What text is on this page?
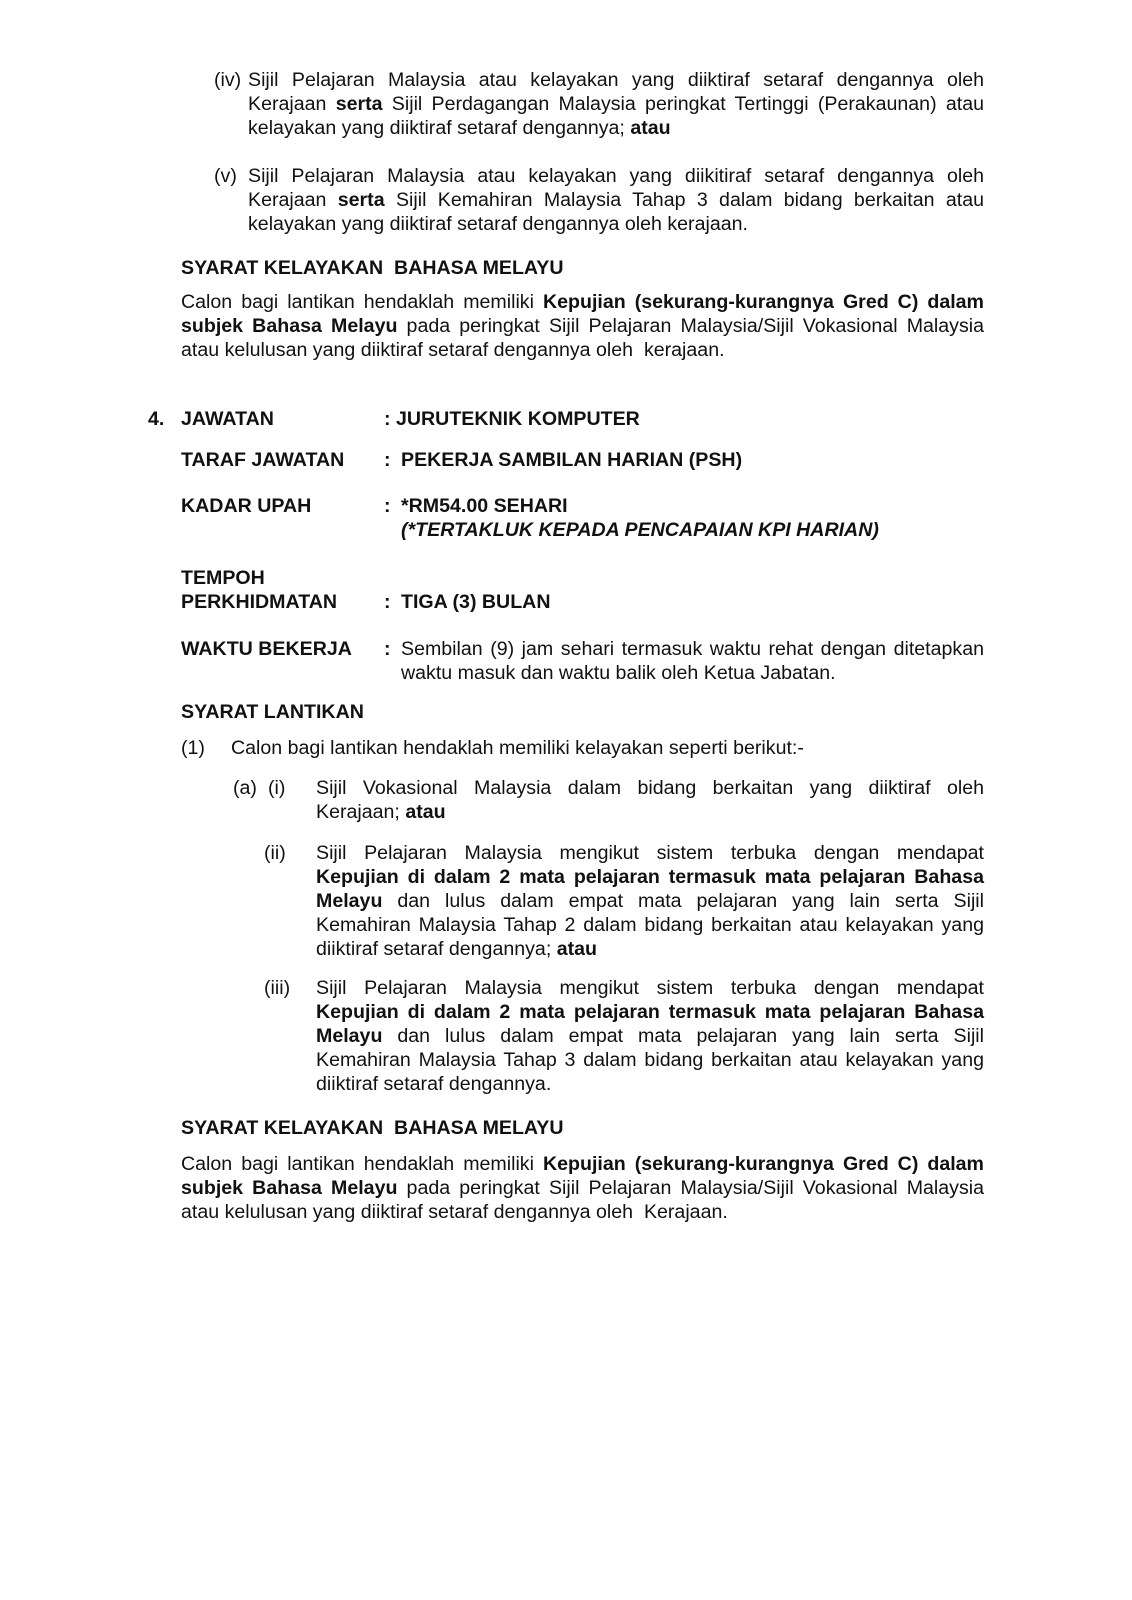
(iv) Sijil Pelajaran Malaysia atau kelayakan yang diiktiraf setaraf dengannya oleh Kerajaan serta Sijil Perdagangan Malaysia peringkat Tertinggi (Perakaunan) atau kelayakan yang diiktiraf setaraf dengannya; atau
(v) Sijil Pelajaran Malaysia atau kelayakan yang diikitiraf setaraf dengannya oleh Kerajaan serta Sijil Kemahiran Malaysia Tahap 3 dalam bidang berkaitan atau kelayakan yang diiktiraf setaraf dengannya oleh kerajaan.
SYARAT KELAYAKAN  BAHASA MELAYU
Calon bagi lantikan hendaklah memiliki Kepujian (sekurang-kurangnya Gred C) dalam subjek Bahasa Melayu pada peringkat Sijil Pelajaran Malaysia/Sijil Vokasional Malaysia atau kelulusan yang diiktiraf setaraf dengannya oleh  kerajaan.
4. JAWATAN	: JURUTEKNIK KOMPUTER
TARAF JAWATAN : PEKERJA SAMBILAN HARIAN (PSH)
KADAR UPAH	: *RM54.00 SEHARI
(*TERTAKLUK KEPADA PENCAPAIAN KPI HARIAN)
TEMPOH
PERKHIDMATAN : TIGA (3) BULAN
WAKTU BEKERJA : Sembilan (9) jam sehari termasuk waktu rehat dengan ditetapkan waktu masuk dan waktu balik oleh Ketua Jabatan.
SYARAT LANTIKAN
(1) Calon bagi lantikan hendaklah memiliki kelayakan seperti berikut:-
(a) (i) Sijil Vokasional Malaysia dalam bidang berkaitan yang diiktiraf oleh Kerajaan; atau
(ii) Sijil Pelajaran Malaysia mengikut sistem terbuka dengan mendapat Kepujian di dalam 2 mata pelajaran termasuk mata pelajaran Bahasa Melayu dan lulus dalam empat mata pelajaran yang lain serta Sijil Kemahiran Malaysia Tahap 2 dalam bidang berkaitan atau kelayakan yang diiktiraf setaraf dengannya; atau
(iii) Sijil Pelajaran Malaysia mengikut sistem terbuka dengan mendapat Kepujian di dalam 2 mata pelajaran termasuk mata pelajaran Bahasa Melayu dan lulus dalam empat mata pelajaran yang lain serta Sijil Kemahiran Malaysia Tahap 3 dalam bidang berkaitan atau kelayakan yang diiktiraf setaraf dengannya.
SYARAT KELAYAKAN  BAHASA MELAYU
Calon bagi lantikan hendaklah memiliki Kepujian (sekurang-kurangnya Gred C) dalam subjek Bahasa Melayu pada peringkat Sijil Pelajaran Malaysia/Sijil Vokasional Malaysia atau kelulusan yang diiktiraf setaraf dengannya oleh  Kerajaan.
